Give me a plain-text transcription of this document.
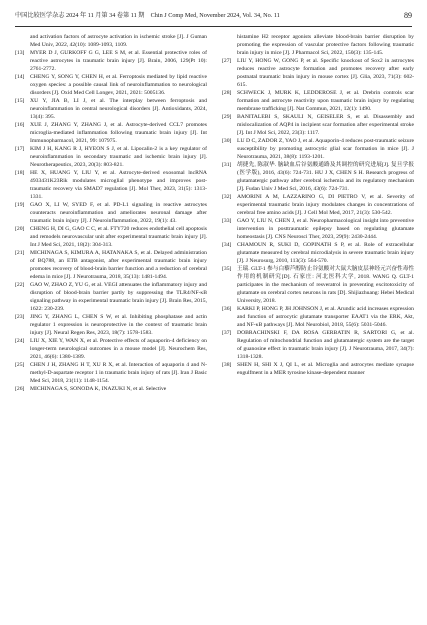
中国比较医学杂志 2024 年 11 月第 34 卷第 11 期　Chin J Comp Med, November 2024, Vol. 34, No. 11	89
and activation factors of astrocyte activation in ischemic stroke [J]. J Guman Med Univ, 2022, 42(10): 1089-1093, 1109.
[13] MYER D J, GURKOFF G G, LEE S M, et al. Essential protective roles of reactive astrocytes in traumatic brain injury [J]. Brain, 2006, 129(Pt 10): 2761-2772.
[14] CHENG Y, SONG Y, CHEN H, et al. Ferroptosis mediated by lipid reactive oxygen species: a possible causal link of neuroinflammation to neurological disorders [J]. Oxid Med Cell Longev, 2021, 2021: 5005136.
[15] XU Y, JIA B, LI J, et al. The interplay between ferroptosis and neuroinflammation in central neurological disorders [J]. Antioxidants, 2024, 13(4): 395.
[16] XUE J, ZHANG Y, ZHANG J, et al. Astrocyte-derived CCL7 promotes microglia-mediated inflammation following traumatic brain injury [J]. Int Immunopharmacol, 2021, 99: 107975.
[17] KIM J H, KANG R J, HYEON S J, et al. Lipocalin-2 is a key regulator of neuroinflammation in secondary traumatic and ischemic brain injury [J]. Neurotherapeutics, 2023, 20(3): 803-821.
[18] HE X, HUANG Y, LIU Y, et al. Astrocyte-derived exosomal lncRNA 4933431K23Rik modulates microglial phenotype and improves post-traumatic recovery via SMAD7 regulation [J]. Mol Ther, 2023, 31(5): 1313-1331.
[19] GAO X, LI W, SYED F, et al. PD-L1 signaling in reactive astrocytes counteracts neuroinflammation and ameliorates neuronal damage after traumatic brain injury [J]. J Neuroinflammation, 2022, 19(1): 43.
[20] CHENG H, DI G, GAO C C, et al. FTY720 reduces endothelial cell apoptosis and remodels neurovascular unit after experimental traumatic brain injury [J]. Int J Med Sci, 2021, 18(2): 304-313.
[21] MICHINAGA S, KIMURA A, HATANAKA S, et al. Delayed administration of BQ788, an ETB antagonist, after experimental traumatic brain injury promotes recovery of blood-brain barrier function and a reduction of cerebral edema in mice [J]. J Neurotrauma, 2018, 35(13): 1481-1494.
[22] GAO W, ZHAO Z, YU G, et al. VEGI attenuates the inflammatory injury and disruption of blood-brain barrier partly by suppressing the TLR4/NF-κB signaling pathway in experimental traumatic brain injury [J]. Brain Res, 2015, 1622: 230-239.
[23] JING Y, ZHANG L, CHEN S W, et al. Inhibiting phosphatase and actin regulator 1 expression is neuroprotective in the context of traumatic brain injury [J]. Neural Regen Res, 2023, 18(7): 1578-1583.
[24] LIU X, XIE Y, WAN X, et al. Protective effects of aquaporin-4 deficiency on longer-term neurological outcomes in a mouse model [J]. Neurochem Res, 2021, 46(6): 1380-1389.
[25] CHEN J H, ZHANG H T, XU R X, et al. Interaction of aquaporin 4 and N-methyl-D-aspartate receptor 1 in traumatic brain injury of rats [J]. Iran J Basic Med Sci, 2018, 21(11): 1148-1154.
[26] MICHINAGA S, SONODA K, INAZUKI N, et al. Selective
histamine H2 receptor agonists alleviate blood-brain barrier disruption by promoting the expression of vascular protective factors following traumatic brain injury in mice [J]. J Pharmacol Sci, 2022, 150(3): 135-145.
[27] LIU Y, HONG W, GONG P, et al. Specific knockout of Sox2 in astrocytes reduces reactive astrocyte formation and promotes recovery after early postnatal traumatic brain injury in mouse cortex [J]. Glia, 2023, 71(3): 602-615.
[28] SCHWECK J, MURK K, LEDDEROSE J, et al. Drebrin controls scar formation and astrocyte reactivity upon traumatic brain injury by regulating membrane trafficking [J]. Nat Commun, 2021, 12(1): 1490.
[29] BANITALEBI S, SKAULI N, GEISELER S, et al. Disassembly and mislocalization of AQP4 in incipient scar formation after experimental stroke [J]. Int J Mol Sci, 2022, 23(3): 1117.
[30] LU D C, ZADOR Z, YAO J, et al. Aquaporin-4 reduces post-traumatic seizure susceptibility by promoting astrocytic glial scar formation in mice [J]. J Neurotrauma, 2021, 38(8): 1193-1201.
[31] 胡捷先, 陈淑华. 脑缺血后谷氨酸通路及其调控的研究进展[J]. 复旦学报(医学版), 2016, 43(6): 724-731. HU J X, CHEN S H. Research progress of glutamatergic pathway after cerebral ischemia and its regulatory mechanism [J]. Fudan Univ J Med Sci, 2016, 43(6): 724-731.
[32] AMORINI A M, LAZZARINO G, DI PIETRO V, et al. Severity of experimental traumatic brain injury modulates changes in concentrations of cerebral free amino acids [J]. J Cell Mol Med, 2017, 21(3): 530-542.
[33] GAO Y, LIU N, CHEN J, et al. Neuropharmacological insight into preventive intervention in posttraumatic epilepsy based on regulating glutamate homeostasis [J]. CNS Neurosci Ther, 2023, 29(9): 2430-2444.
[34] CHAMOUN R, SUKI D, GOPINATH S P, et al. Role of extracellular glutamate measured by cerebral microdialysis in severe traumatic brain injury [J]. J Neurosurg, 2010, 113(3): 564-570.
[35] 王瑞. GLT-1 参与白藜芦醇防止谷氨酸对大鼠大脑皮层神经元兴奋性毒性作用的机制研究[D]. 石家庄: 河北医科大学, 2018. WANG Q. GLT-1 participates in the mechanism of resveratrol in preventing excitotoxicity of glutamate on cerebral cortex neurons in rats [D]. Shijiazhuang: Hebei Medical University, 2018.
[36] KARKI P, HONG P, JH JOHNSON J, et al. Arundic acid increases expression and function of astrocytic glutamate transporter EAAT1 via the ERK, Akt, and NF-κB pathways [J]. Mol Neurobiol, 2018, 55(6): 5031-5046.
[37] DOBRACHINSKI F, DA ROSA GERBATIN R, SARTORI G, et al. Regulation of mitochondrial function and glutamatergic system are the target of guanosine effect in traumatic brain injury [J]. J Neurotrauma, 2017, 34(7): 1318-1328.
[38] SHEN H, SHI X J, QI L, et al. Microglia and astrocytes mediate synapse engulfment in a MER tyrosine kinase-dependent manner
